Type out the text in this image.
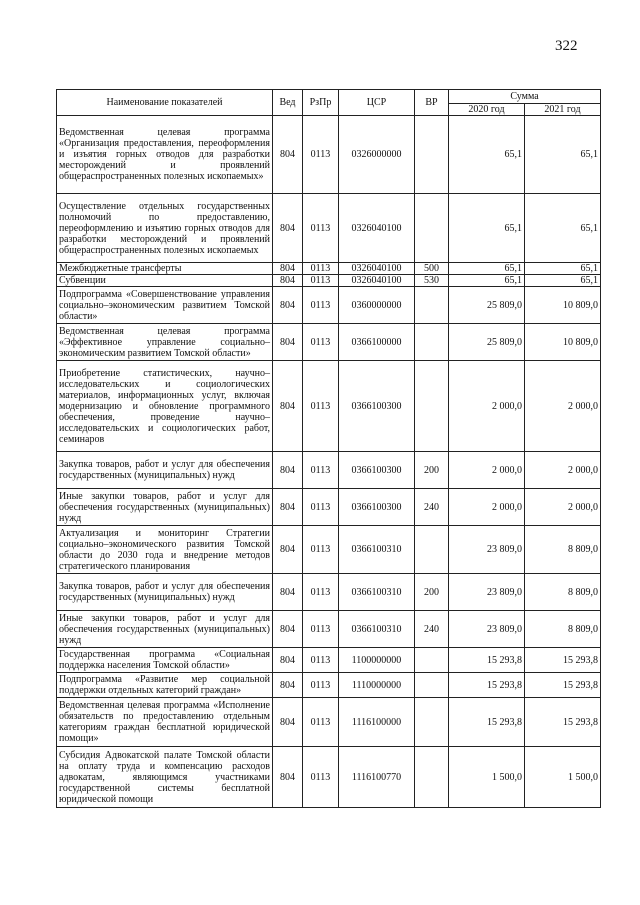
322
Наименование показателей	Вед	РзПр	ЦСР	ВР	Сумма	
					2020 год	2021 год
Ведомственная целевая программа «Организация предоставления, переоформления и изъятия горных отводов для разработки месторождений и проявлений общераспространенных полезных ископаемых»	804	0113	0326000000		65,1	65,1
Осуществление отдельных государственных полномочий по предоставлению, переоформлению и изъятию горных отводов для разработки месторождений и проявлений общераспространенных полезных ископаемых	804	0113	0326040100		65,1	65,1
Межбюджетные трансферты	804	0113	0326040100	500	65,1	65,1
Субвенции	804	0113	0326040100	530	65,1	65,1
Подпрограмма «Совершенствование управления социально–экономическим развитием Томской области»	804	0113	0360000000		25 809,0	10 809,0
Ведомственная целевая программа «Эффективное управление социально–экономическим развитием Томской области»	804	0113	0366100000		25 809,0	10 809,0
Приобретение статистических, научно–исследовательских и социологических материалов, информационных услуг, включая модернизацию и обновление программного обеспечения, проведение научно–исследовательских и социологических работ, семинаров	804	0113	0366100300		2 000,0	2 000,0
Закупка товаров, работ и услуг для обеспечения государственных (муниципальных) нужд	804	0113	0366100300	200	2 000,0	2 000,0
Иные закупки товаров, работ и услуг для обеспечения государственных (муниципальных) нужд	804	0113	0366100300	240	2 000,0	2 000,0
Актуализация и мониторинг Стратегии социально–экономического развития Томской области до 2030 года и внедрение методов стратегического планирования	804	0113	0366100310		23 809,0	8 809,0
Закупка товаров, работ и услуг для обеспечения государственных (муниципальных) нужд	804	0113	0366100310	200	23 809,0	8 809,0
Иные закупки товаров, работ и услуг для обеспечения государственных (муниципальных) нужд	804	0113	0366100310	240	23 809,0	8 809,0
Государственная программа «Социальная поддержка населения Томской области»	804	0113	1100000000		15 293,8	15 293,8
Подпрограмма «Развитие мер социальной поддержки отдельных категорий граждан»	804	0113	1110000000		15 293,8	15 293,8
Ведомственная целевая программа «Исполнение обязательств по предоставлению отдельным категориям граждан бесплатной юридической помощи»	804	0113	1116100000		15 293,8	15 293,8
Субсидия Адвокатской палате Томской области на оплату труда и компенсацию расходов адвокатам, являющимся участниками государственной системы бесплатной юридической помощи	804	0113	1116100770		1 500,0	1 500,0
